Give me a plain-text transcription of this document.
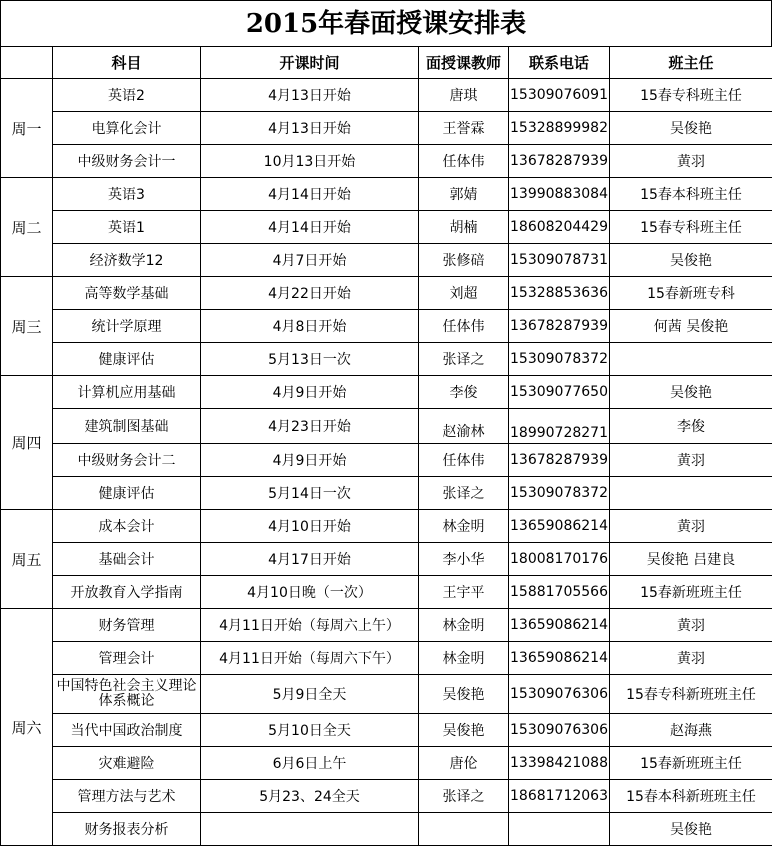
2015年春面授课安排表
	科目	开课时间	面授课教师	联系电话	班主任
周一	英语2	4月13日开始	唐琪	15309076091	15春专科班主任
	电算化会计	4月13日开始	王誉霖	15328899982	吴俊艳
	中级财务会计一	10月13日开始	任体伟	13678287939	黄羽
周二	英语3	4月14日开始	郭婧	13990883084	15春本科班主任
	英语1	4月14日开始	胡楠	18608204429	15春专科班主任
	经济数学12	4月7日开始	张修碚	15309078731	吴俊艳
周三	高等数学基础	4月22日开始	刘超	15328853636	15春新班专科
	统计学原理	4月8日开始	任体伟	13678287939	何茜 吴俊艳
	健康评估	5月13日一次	张译之	15309078372	
周四	计算机应用基础	4月9日开始	李俊	15309077650	吴俊艳
	建筑制图基础	4月23日开始	赵渝林	18990728271	李俊
	中级财务会计二	4月9日开始	任体伟	13678287939	黄羽
	健康评估	5月14日一次	张译之	15309078372	
周五	成本会计	4月10日开始	林金明	13659086214	黄羽
	基础会计	4月17日开始	李小华	18008170176	吴俊艳 吕建良
	开放教育入学指南	4月10日晚（一次）	王宇平	15881705566	15春新班班主任
周六	财务管理	4月11日开始（每周六上午）	林金明	13659086214	黄羽
	管理会计	4月11日开始（每周六下午）	林金明	13659086214	黄羽
	中国特色社会主义理论体系概论	5月9日全天	吴俊艳	15309076306	15春专科新班班主任
	当代中国政治制度	5月10日全天	吴俊艳	15309076306	赵海燕
	灾难避险	6月6日上午	唐伦	13398421088	15春新班班主任
	管理方法与艺术	5月23、24全天	张译之	18681712063	15春本科新班班主任
	财务报表分析				吴俊艳
